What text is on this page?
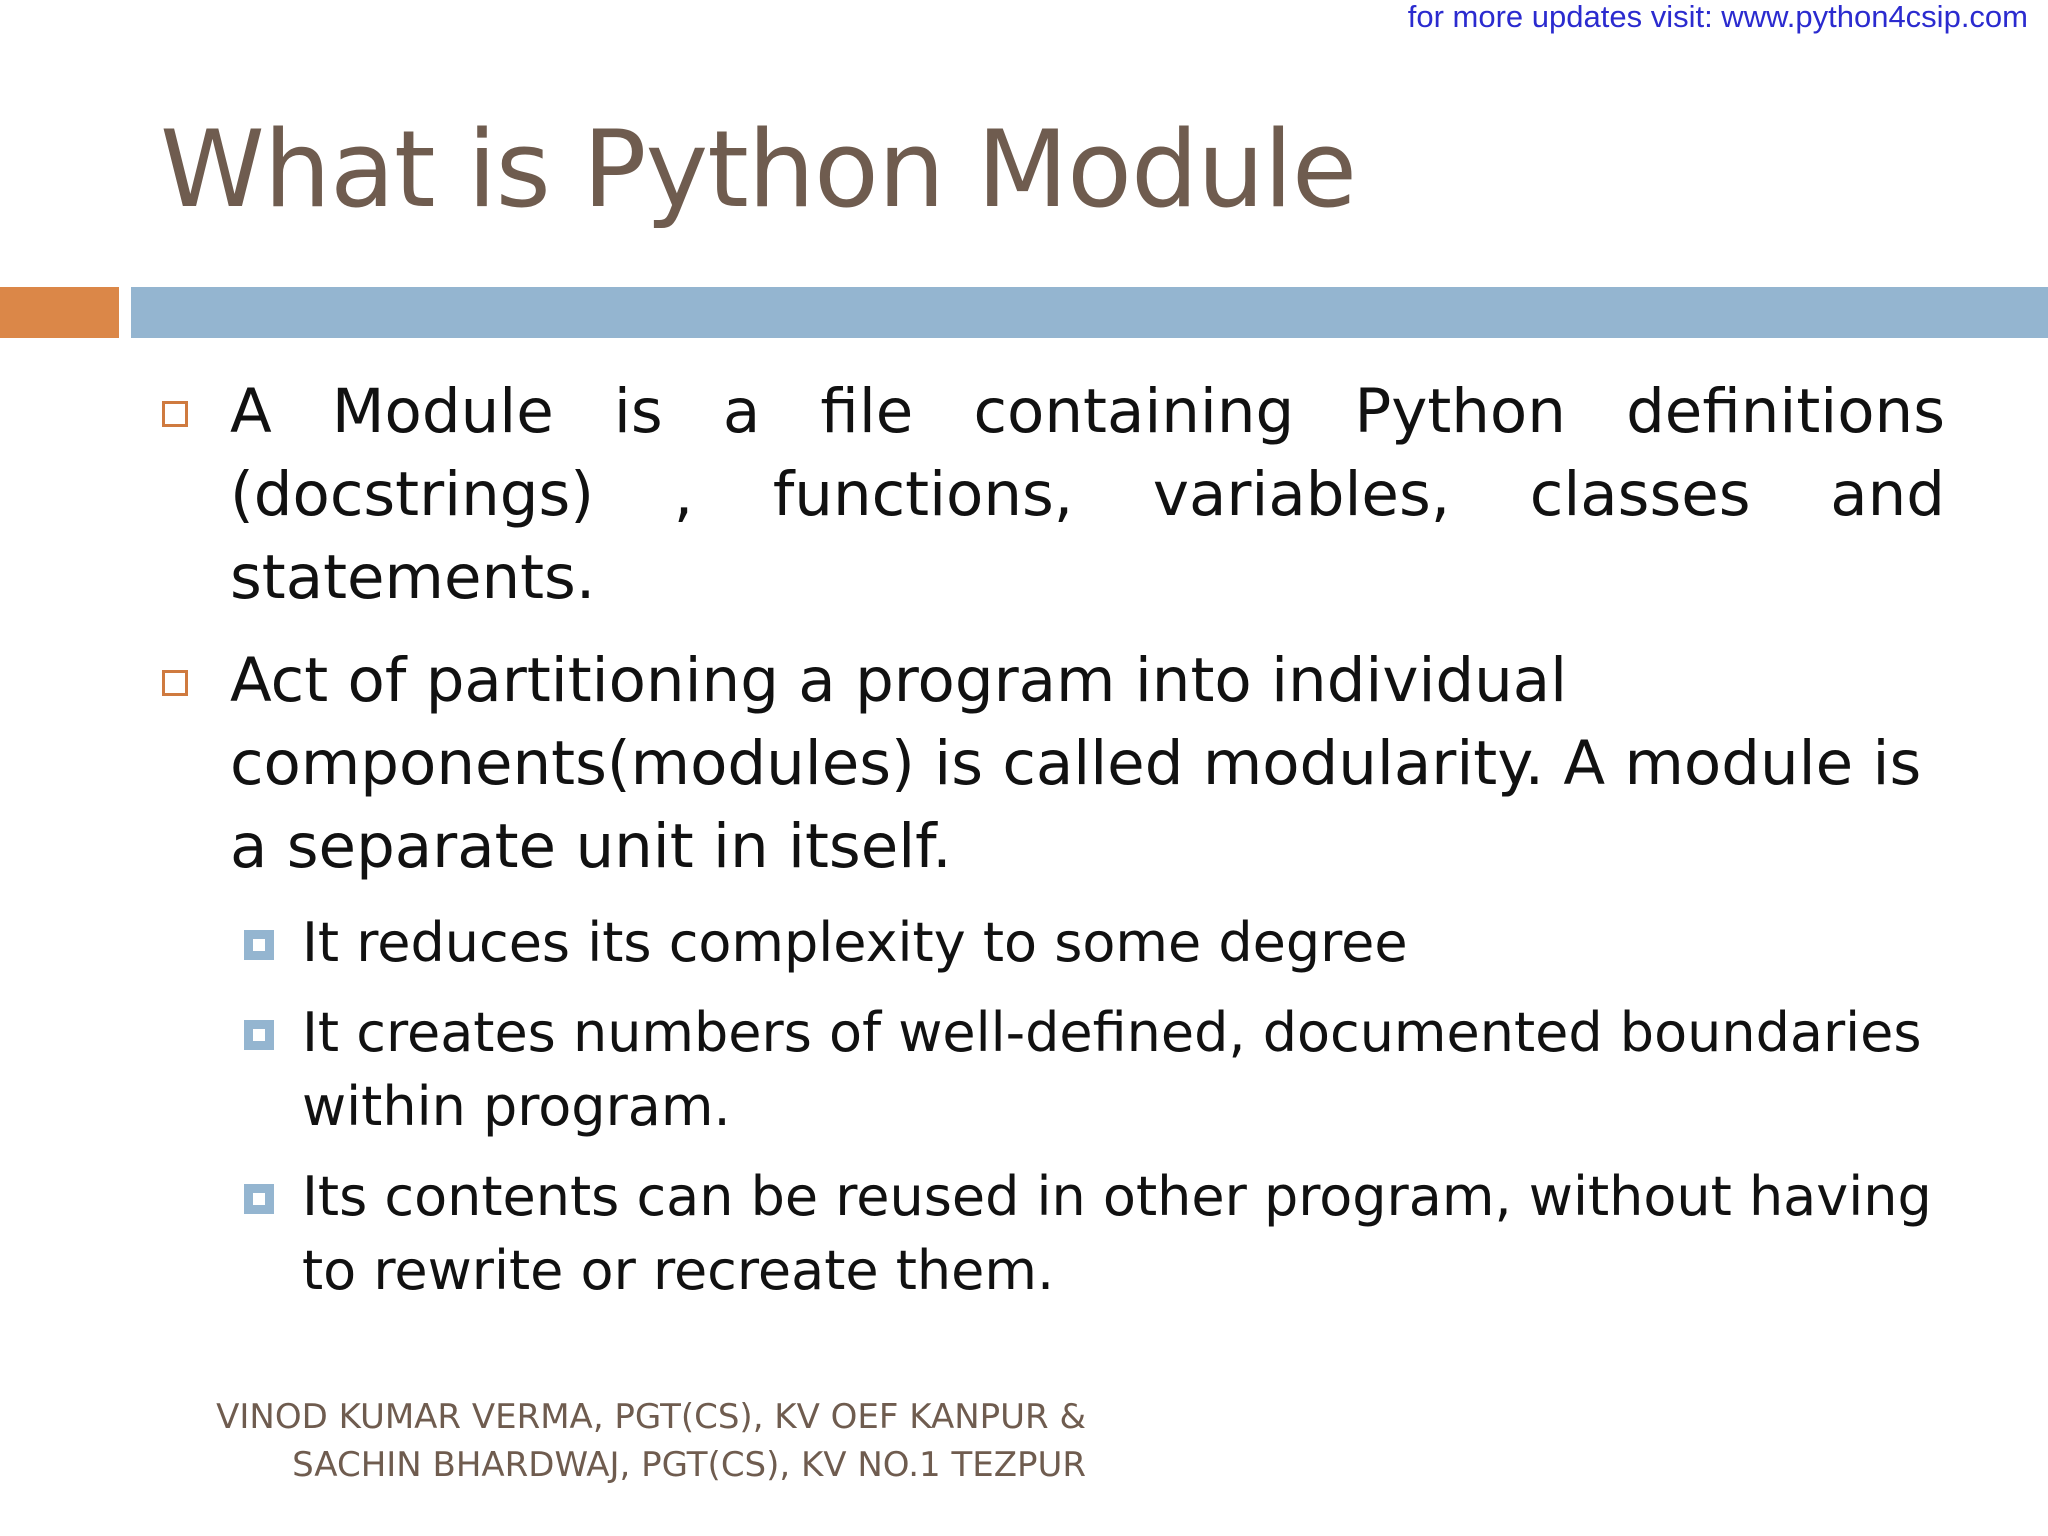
for more updates visit: www.python4csip.com
What is Python Module
A Module is a file containing Python definitions (docstrings) , functions, variables, classes and statements.
Act of partitioning a program into individual components(modules) is called modularity. A module is a separate unit in itself.
It reduces its complexity to some degree
It creates numbers of well-defined, documented boundaries within program.
Its contents can be reused in other program, without having to rewrite or recreate them.
VINOD KUMAR VERMA, PGT(CS), KV OEF KANPUR &
SACHIN BHARDWAJ, PGT(CS), KV NO.1 TEZPUR
